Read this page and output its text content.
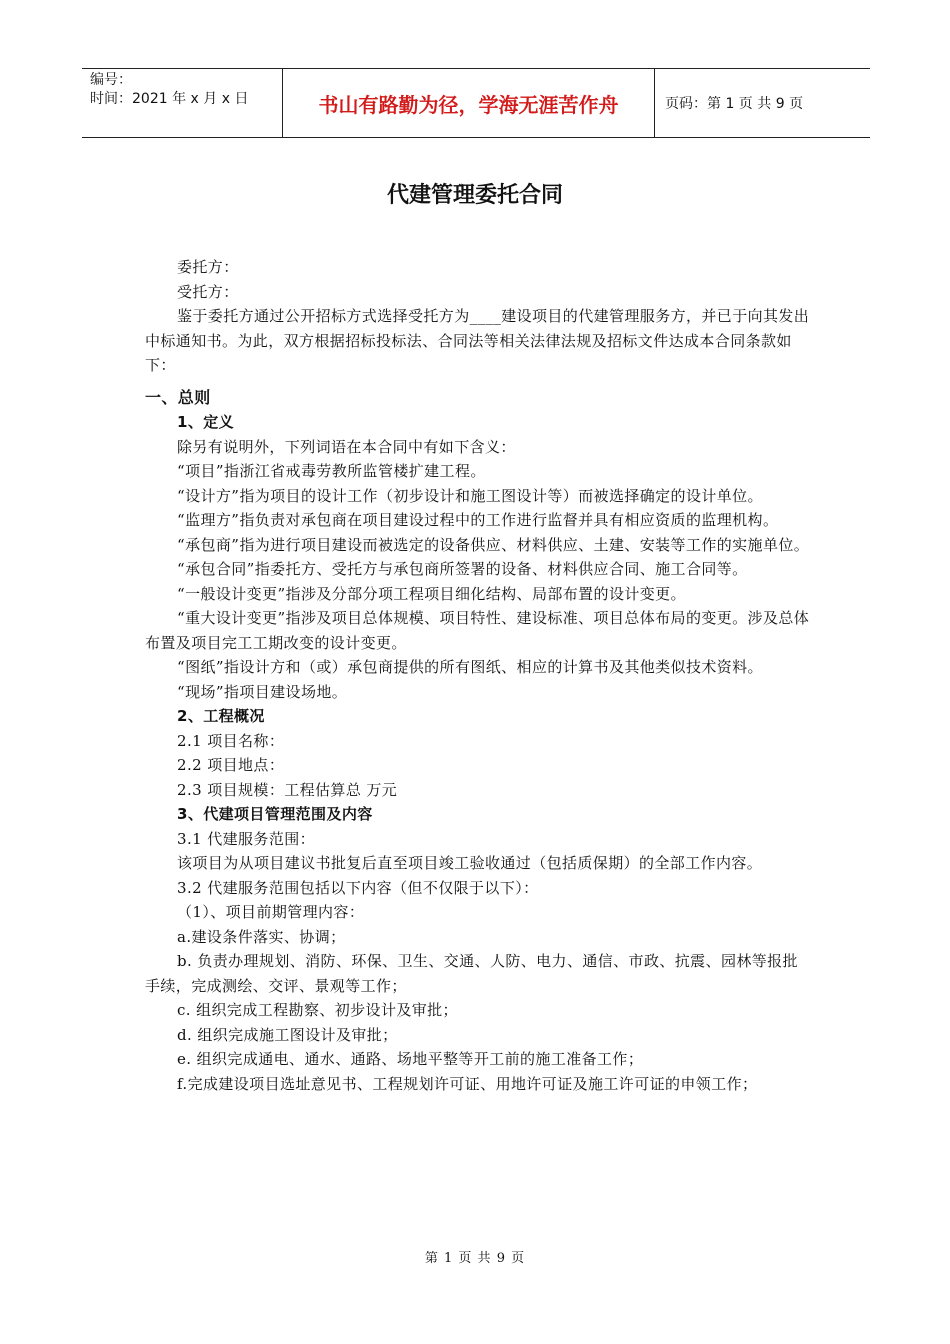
编号：
时间：2021 年 x 月 x 日	书山有路勤为径，学海无涯苦作舟	页码：第 1 页 共 9 页
代建管理委托合同

委托方：

受托方：

鉴于委托方通过公开招标方式选择受托方为____建设项目的代建管理服务方，并已于向其发出中标通知书。为此，双方根据招标投标法、合同法等相关法律法规及招标文件达成本合同条款如下：

一、总则

1、定义

除另有说明外，下列词语在本合同中有如下含义：

“项目”指浙江省戒毒劳教所监管楼扩建工程。

“设计方”指为项目的设计工作（初步设计和施工图设计等）而被选择确定的设计单位。

“监理方”指负责对承包商在项目建设过程中的工作进行监督并具有相应资质的监理机构。

“承包商”指为进行项目建设而被选定的设备供应、材料供应、土建、安装等工作的实施单位。

“承包合同”指委托方、受托方与承包商所签署的设备、材料供应合同、施工合同等。

“一般设计变更”指涉及分部分项工程项目细化结构、局部布置的设计变更。

“重大设计变更”指涉及项目总体规模、项目特性、建设标准、项目总体布局的变更。涉及总体布置及项目完工工期改变的设计变更。

“图纸”指设计方和（或）承包商提供的所有图纸、相应的计算书及其他类似技术资料。

“现场”指项目建设场地。

2、工程概况

2.1 项目名称：

2.2 项目地点：

2.3 项目规模：工程估算总 万元

3、代建项目管理范围及内容

3.1 代建服务范围：

该项目为从项目建议书批复后直至项目竣工验收通过（包括质保期）的全部工作内容。

3.2 代建服务范围包括以下内容（但不仅限于以下）：

（1）、项目前期管理内容：

a.建设条件落实、协调；

b. 负责办理规划、消防、环保、卫生、交通、人防、电力、通信、市政、抗震、园林等报批手续，完成测绘、交评、景观等工作；

c. 组织完成工程勘察、初步设计及审批；

d. 组织完成施工图设计及审批；

e. 组织完成通电、通水、通路、场地平整等开工前的施工准备工作；

f.完成建设项目选址意见书、工程规划许可证、用地许可证及施工许可证的申领工作；

第 1 页 共 9 页
